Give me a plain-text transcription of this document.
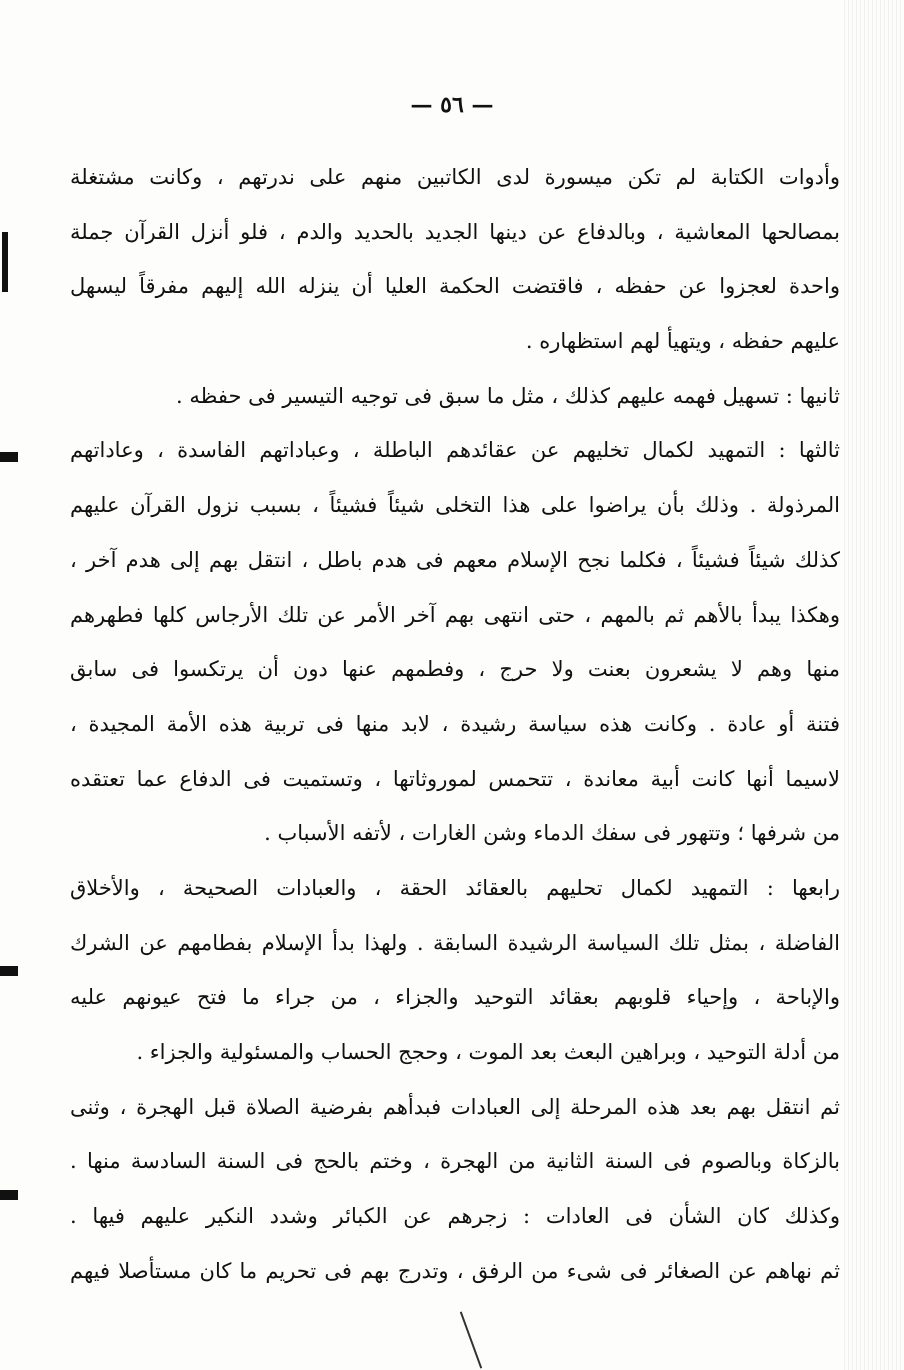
— ٥٦ —
وأدوات الكتابة لم تكن ميسورة لدى الكاتبين منهم على ندرتهم ، وكانت مشتغلة
بمصالحها المعاشية ، وبالدفاع عن دينها الجديد بالحديد والدم ، فلو أنزل القرآن جملة
واحدة لعجزوا عن حفظه ، فاقتضت الحكمة العليا أن ينزله الله إليهم مفرقاً ليسهل
عليهم حفظه ، ويتهيأ لهم استظهاره .
ثانيها : تسهيل فهمه عليهم كذلك ، مثل ما سبق فى توجيه التيسير فى حفظه .
ثالثها : التمهيد لكمال تخليهم عن عقائدهم الباطلة ، وعباداتهم الفاسدة ، وعاداتهم
المرذولة . وذلك بأن يراضوا على هذا التخلى شيئاً فشيئاً ، بسبب نزول القرآن عليهم
كذلك شيئاً فشيئاً ، فكلما نجح الإسلام معهم فى هدم باطل ، انتقل بهم إلى هدم آخر ،
وهكذا يبدأ بالأهم ثم بالمهم ، حتى انتهى بهم آخر الأمر عن تلك الأرجاس كلها فطهرهم
منها وهم لا يشعرون بعنت ولا حرج ، وفطمهم عنها دون أن يرتكسوا فى سابق
فتنة أو عادة . وكانت هذه سياسة رشيدة ، لابد منها فى تربية هذه الأمة المجيدة ،
لاسيما أنها كانت أبية معاندة ، تتحمس لموروثاتها ، وتستميت فى الدفاع عما تعتقده
من شرفها ؛ وتتهور فى سفك الدماء وشن الغارات ، لأتفه الأسباب .
رابعها : التمهيد لكمال تحليهم بالعقائد الحقة ، والعبادات الصحيحة ، والأخلاق
الفاضلة ، بمثل تلك السياسة الرشيدة السابقة . ولهذا بدأ الإسلام بفطامهم عن الشرك
والإباحة ، وإحياء قلوبهم بعقائد التوحيد والجزاء ، من جراء ما فتح عيونهم عليه
من أدلة التوحيد ، وبراهين البعث بعد الموت ، وحجج الحساب والمسئولية والجزاء .
ثم انتقل بهم بعد هذه المرحلة إلى العبادات فبدأهم بفرضية الصلاة قبل الهجرة ، وثنى
بالزكاة وبالصوم فى السنة الثانية من الهجرة ، وختم بالحج فى السنة السادسة منها .
وكذلك كان الشأن فى العادات : زجرهم عن الكبائر وشدد النكير عليهم فيها .
ثم نهاهم عن الصغائر فى شىء من الرفق ، وتدرج بهم فى تحريم ما كان مستأصلا فيهم
